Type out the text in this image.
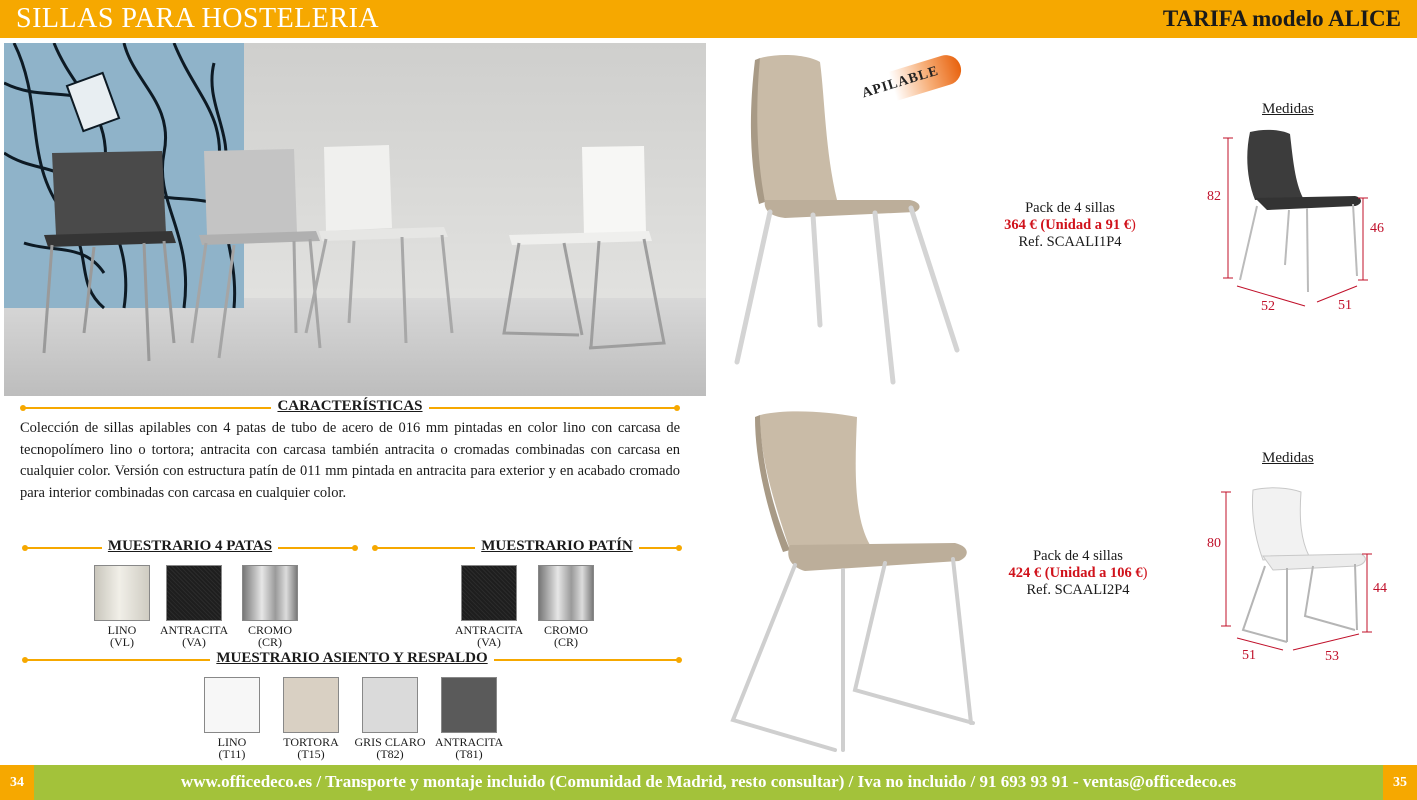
SILLAS PARA HOSTELERIA	TARIFA modelo ALICE
CARACTERÍSTICAS
Colección de sillas apilables con 4 patas de tubo de acero de 016 mm pintadas en color lino con carcasa de tecnopolímero lino o tortora; antracita con carcasa también antracita o cromadas combinadas con carcasa en cualquier color. Versión con estructura patín de 011 mm pintada en antracita para exterior y en acabado cromado para interior combinadas con carcasa en cualquier color.
MUESTRARIO 4 PATAS
LINO
(VL)
ANTRACITA
(VA)
CROMO
(CR)
MUESTRARIO PATÍN
ANTRACITA
(VA)
CROMO
(CR)
MUESTRARIO ASIENTO Y RESPALDO
LINO
(T11)
TORTORA
(T15)
GRIS CLARO
(T82)
ANTRACITA
(T81)
APILABLE
Pack de 4 sillas
364 € (Unidad a 91 €)
Ref. SCAALI1P4
Medidas
82
46
52	51
Pack de 4 sillas
424 € (Unidad a 106 €)
Ref. SCAALI2P4
Medidas
80
44
51	53
34	35
www.officedeco.es / Transporte y montaje incluido (Comunidad de Madrid, resto consultar) / Iva no incluido / 91 693 93 91 - ventas@officedeco.es
